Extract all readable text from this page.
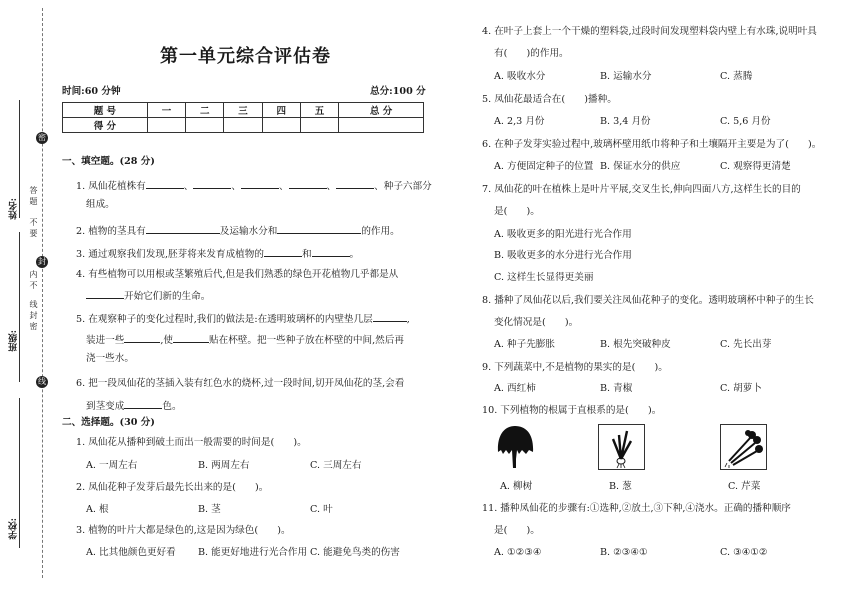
姓名:
班级:
学校:
密
封
线
答题
不要
内不
线封密
第一单元综合评估卷
时间:60 分钟	总分:100 分
题 号	一	二	三	四	五	总 分
得 分						
一、填空题。(28 分)
1. 凤仙花植株有	、	、	、	、	、种子六部分
组成。
2. 植物的茎具有	及运输水分和	的作用。
3. 通过观察我们发现,胚芽将来发育成植物的	和	。
4. 有些植物可以用根或茎繁殖后代,但是我们熟悉的绿色开花植物几乎都是从
开始它们新的生命。
5. 在观察种子的变化过程时,我们的做法是:在透明玻璃杯的内壁垫几层	,
装进一些	,使	贴在杯壁。把一些种子放在杯壁的中间,然后再
浇一些水。
6. 把一段凤仙花的茎插入装有红色水的烧杯,过一段时间,切开凤仙花的茎,会看
到茎变成	色。
二、选择题。(30 分)
1. 凤仙花从播种到破土而出一般需要的时间是(　　)。
A. 一周左右	B. 两周左右	C. 三周左右
2. 凤仙花种子发芽后最先长出来的是(　　)。
A. 根	B. 茎	C. 叶
3. 植物的叶片大都是绿色的,这是因为绿色(　　)。
A. 比其他颜色更好看 B. 能更好地进行光合作用 C. 能避免鸟类的伤害
4. 在叶子上套上一个干燥的塑料袋,过段时间发现塑料袋内壁上有水珠,说明叶具
有(　　)的作用。
A. 吸收水分	B. 运输水分	C. 蒸腾
5. 凤仙花最适合在(　　)播种。
A. 2,3 月份	B. 3,4 月份	C. 5,6 月份
6. 在种子发芽实验过程中,玻璃杯壁用纸巾将种子和土壤隔开主要是为了(　　)。
A. 方便固定种子的位置 B. 保证水分的供应	C. 观察得更清楚
7. 凤仙花的叶在植株上是叶片平展,交叉生长,伸向四面八方,这样生长的目的
是(　　)。
A. 吸收更多的阳光进行光合作用
B. 吸收更多的水分进行光合作用
C. 这样生长显得更美丽
8. 播种了凤仙花以后,我们要关注凤仙花种子的变化。透明玻璃杯中种子的生长
变化情况是(　　)。
A. 种子先膨胀	B. 根先突破种皮	C. 先长出芽
9. 下列蔬菜中,不是植物的果实的是(　　)。
A. 西红柿	B. 青椒	C. 胡萝卜
10. 下列植物的根属于直根系的是(　　)。
A. 柳树	B. 葱	C. 芹菜
11. 播种凤仙花的步骤有:①选种,②放土,③下种,④浇水。正确的播种顺序
是(　　)。
A. ①②③④	B. ②③④①	C. ③④①②
